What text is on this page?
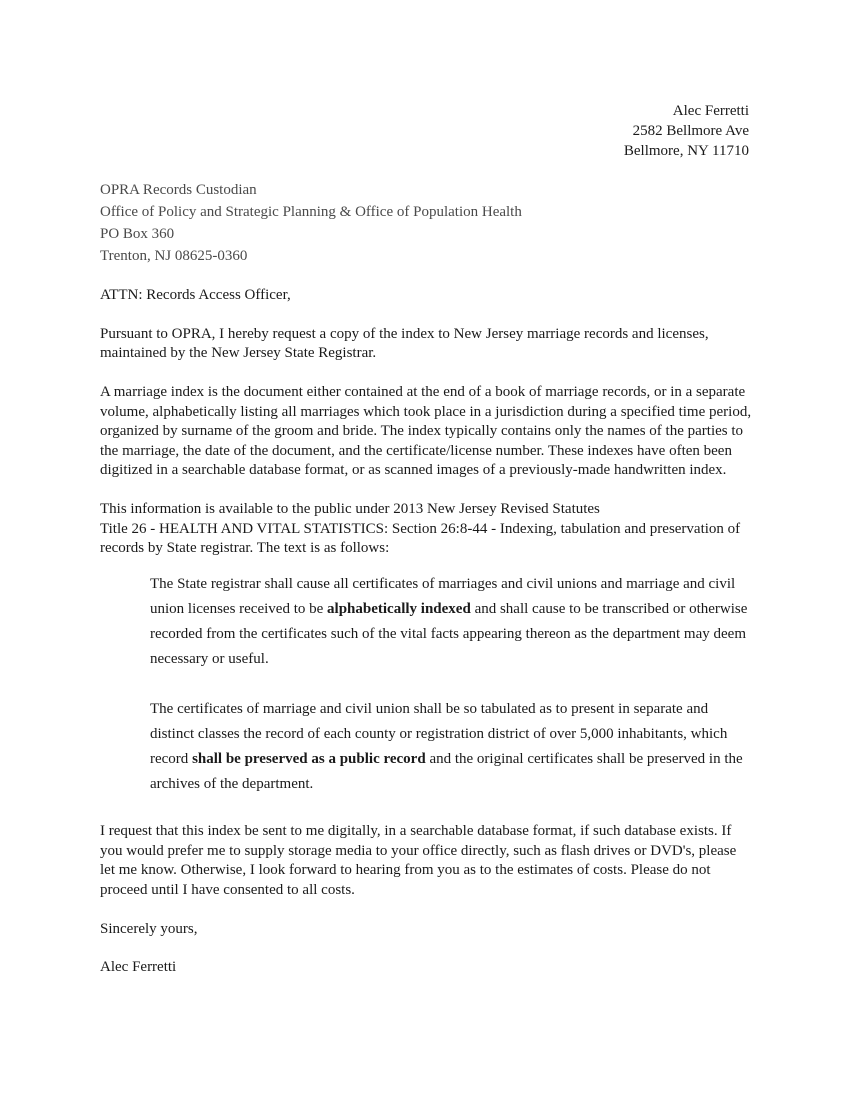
Alec Ferretti
2582 Bellmore Ave
Bellmore, NY 11710
OPRA Records Custodian
Office of Policy and Strategic Planning & Office of Population Health
PO Box 360
Trenton, NJ 08625-0360

ATTN: Records Access Officer,

Pursuant to OPRA, I hereby request a copy of the index to New Jersey marriage records and licenses, maintained by the New Jersey State Registrar.

A marriage index is the document either contained at the end of a book of marriage records, or in a separate volume, alphabetically listing all marriages which took place in a jurisdiction during a specified time period, organized by surname of the groom and bride. The index typically contains only the names of the parties to the marriage, the date of the document, and the certificate/license number. These indexes have often been digitized in a searchable database format, or as scanned images of a previously-made handwritten index.

This information is available to the public under 2013 New Jersey Revised Statutes
Title 26 - HEALTH AND VITAL STATISTICS: Section 26:8-44 - Indexing, tabulation and preservation of records by State registrar. The text is as follows:

The State registrar shall cause all certificates of marriages and civil unions and marriage and civil union licenses received to be alphabetically indexed and shall cause to be transcribed or otherwise recorded from the certificates such of the vital facts appearing thereon as the department may deem necessary or useful.

The certificates of marriage and civil union shall be so tabulated as to present in separate and distinct classes the record of each county or registration district of over 5,000 inhabitants, which record shall be preserved as a public record and the original certificates shall be preserved in the archives of the department.

I request that this index be sent to me digitally, in a searchable database format, if such database exists. If you would prefer me to supply storage media to your office directly, such as flash drives or DVD's, please let me know. Otherwise, I look forward to hearing from you as to the estimates of costs. Please do not proceed until I have consented to all costs.

Sincerely yours,

Alec Ferretti
